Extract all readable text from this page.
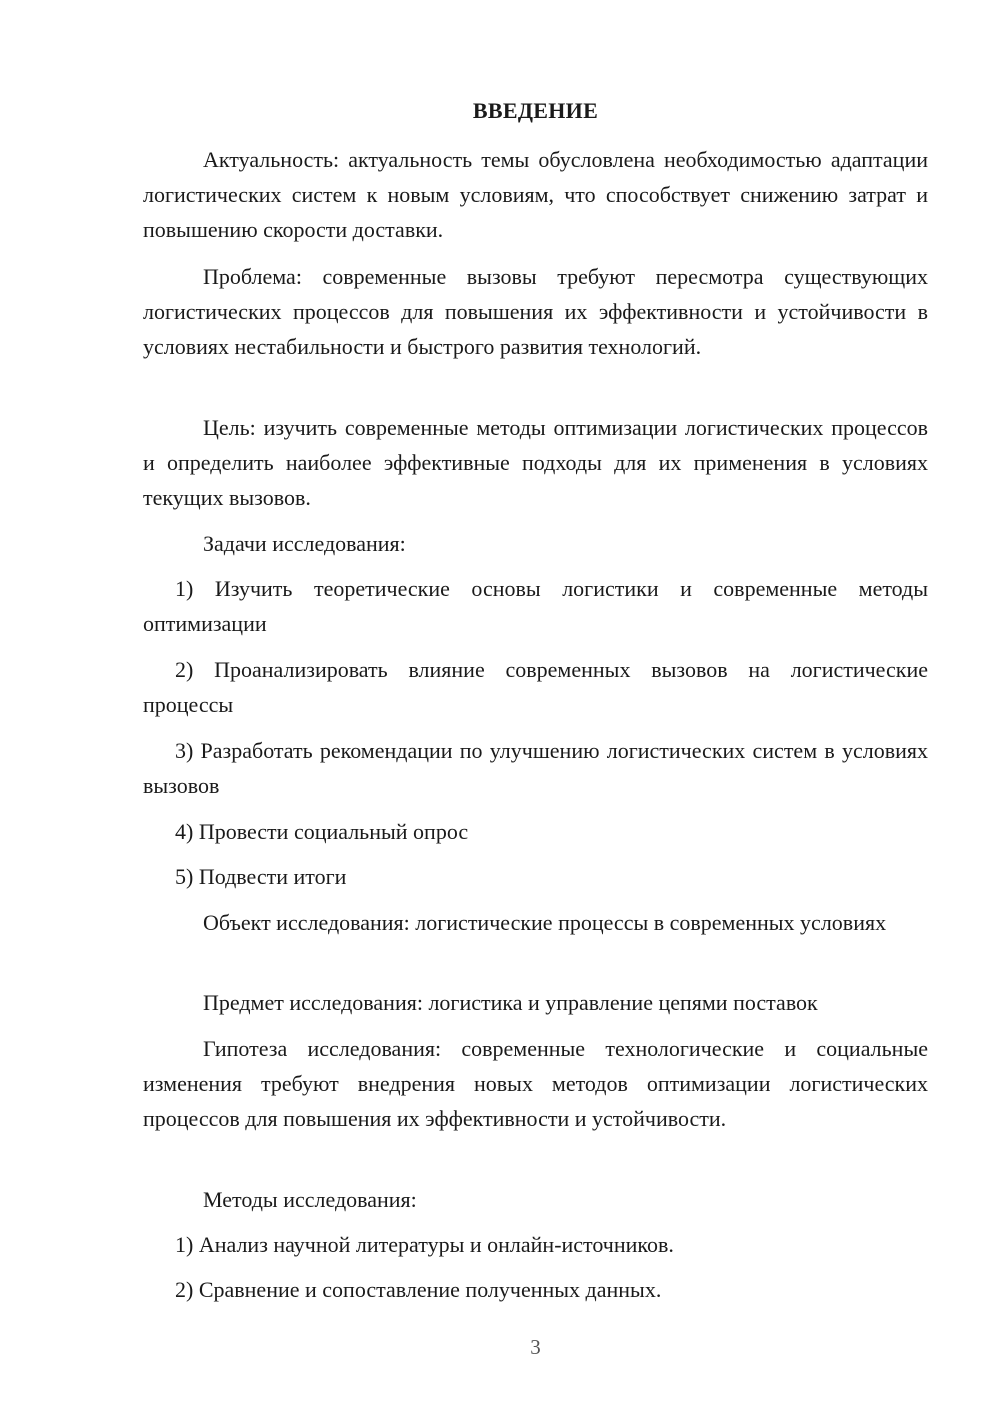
ВВЕДЕНИЕ
Актуальность: актуальность темы обусловлена необходимостью адаптации логистических систем к новым условиям, что способствует снижению затрат и повышению скорости доставки.
Проблема: современные вызовы требуют пересмотра существующих логистических процессов для повышения их эффективности и устойчивости в условиях нестабильности и быстрого развития технологий.
Цель: изучить современные методы оптимизации логистических процессов и определить наиболее эффективные подходы для их применения в условиях текущих вызовов.
Задачи исследования:
1) Изучить теоретические основы логистики и современные методы оптимизации
2) Проанализировать влияние современных вызовов на логистические процессы
3) Разработать рекомендации по улучшению логистических систем в условиях вызовов
4) Провести социальный опрос
5) Подвести итоги
Объект исследования: логистические процессы в современных условиях
Предмет исследования: логистика и управление цепями поставок
Гипотеза исследования: современные технологические и социальные изменения требуют внедрения новых методов оптимизации логистических процессов для повышения их эффективности и устойчивости.
Методы исследования:
1) Анализ научной литературы и онлайн-источников.
2) Сравнение и сопоставление полученных данных.
3
